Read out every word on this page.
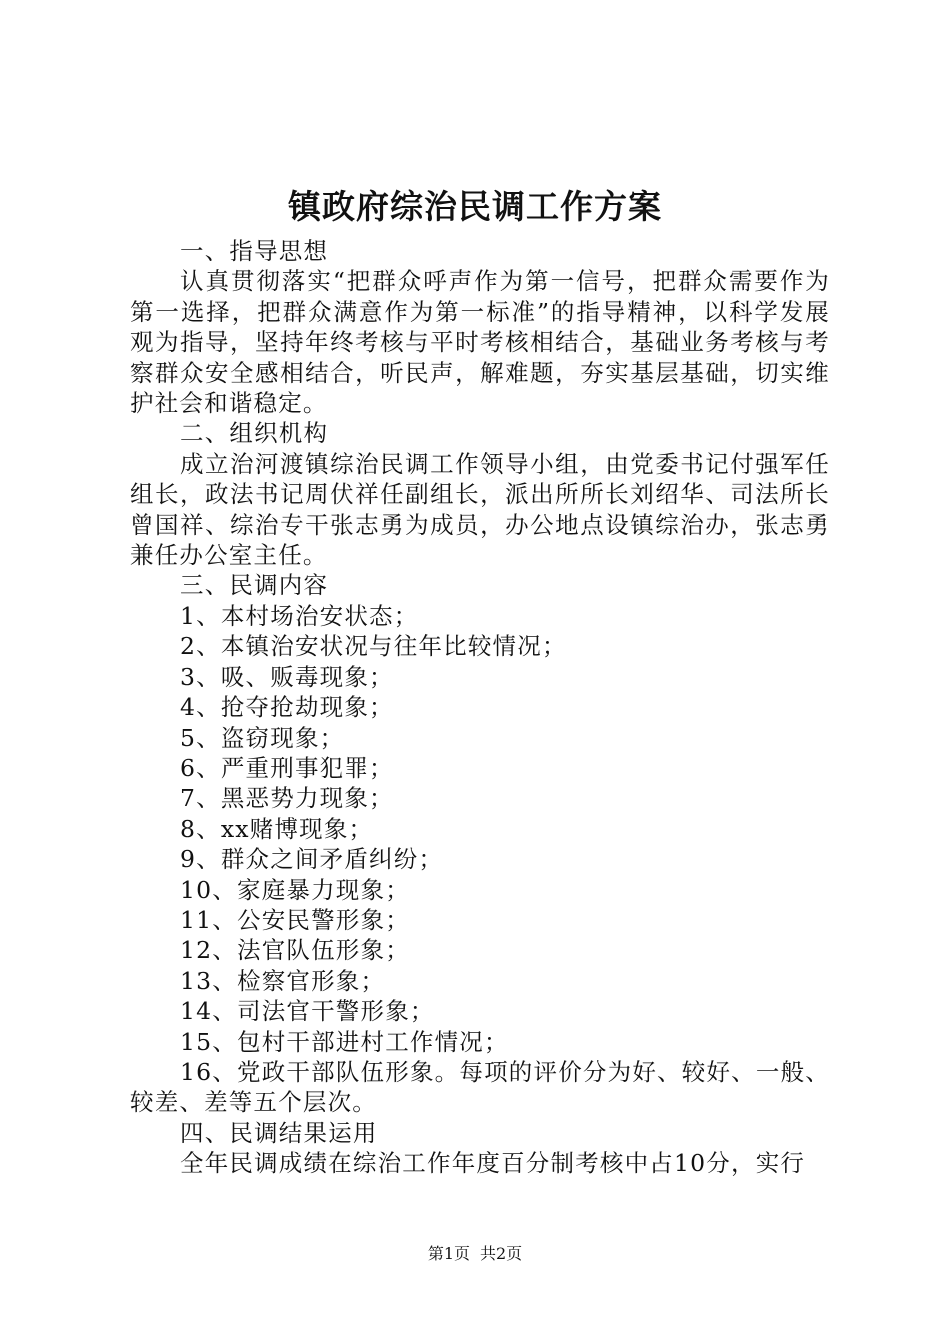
镇政府综治民调工作方案
一、指导思想
认真贯彻落实“把群众呼声作为第一信号，把群众需要作为第一选择，把群众满意作为第一标准”的指导精神，以科学发展观为指导，坚持年终考核与平时考核相结合，基础业务考核与考察群众安全感相结合，听民声，解难题，夯实基层基础，切实维护社会和谐稳定。
二、组织机构
成立治河渡镇综治民调工作领导小组，由党委书记付强军任组长，政法书记周伏祥任副组长，派出所所长刘绍华、司法所长曾国祥、综治专干张志勇为成员，办公地点设镇综治办，张志勇兼任办公室主任。
三、民调内容
1、本村场治安状态；
2、本镇治安状况与往年比较情况；
3、吸、贩毒现象；
4、抢夺抢劫现象；
5、盗窃现象；
6、严重刑事犯罪；
7、黑恶势力现象；
8、xx赌博现象；
9、群众之间矛盾纠纷；
10、家庭暴力现象；
11、公安民警形象；
12、法官队伍形象；
13、检察官形象；
14、司法官干警形象；
15、包村干部进村工作情况；
16、党政干部队伍形象。每项的评价分为好、较好、一般、较差、差等五个层次。
四、民调结果运用
全年民调成绩在综治工作年度百分制考核中占10分，实行
第1页 共2页
